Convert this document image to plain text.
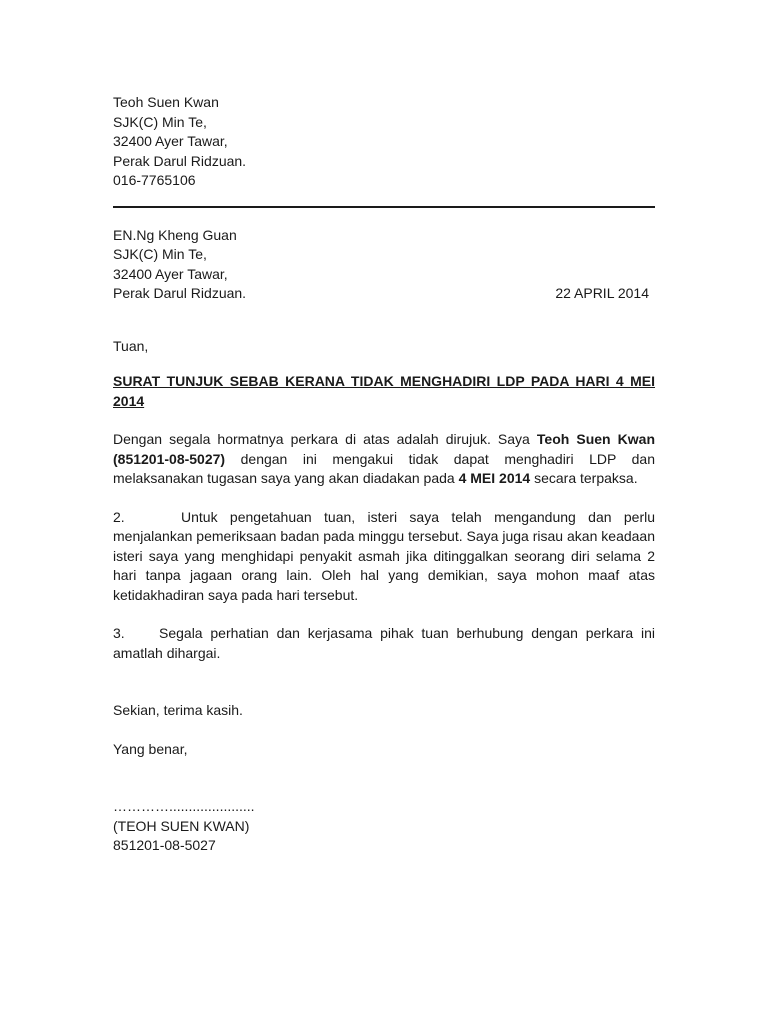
Teoh Suen Kwan
SJK(C) Min Te,
32400 Ayer Tawar,
Perak Darul Ridzuan.
016-7765106
EN.Ng Kheng Guan
SJK(C) Min Te,
32400 Ayer Tawar,
Perak Darul Ridzuan.	22 APRIL 2014
Tuan,
SURAT TUNJUK SEBAB KERANA TIDAK MENGHADIRI LDP PADA HARI 4 MEI 2014
Dengan segala hormatnya perkara di atas adalah dirujuk. Saya Teoh Suen Kwan (851201-08-5027) dengan ini mengakui tidak dapat menghadiri LDP dan melaksanakan tugasan saya yang akan diadakan pada 4 MEI 2014 secara terpaksa.
2.	Untuk pengetahuan tuan, isteri saya telah mengandung dan perlu menjalankan pemeriksaan badan pada minggu tersebut. Saya juga risau akan keadaan isteri saya yang menghidapi penyakit asmah jika ditinggalkan seorang diri selama 2 hari tanpa jagaan orang lain. Oleh hal yang demikian, saya mohon maaf atas ketidakhadiran saya pada hari tersebut.
3. Segala perhatian dan kerjasama pihak tuan berhubung dengan perkara ini amatlah dihargai.
Sekian, terima kasih.
Yang benar,
…………......................
(TEOH SUEN KWAN)
851201-08-5027
